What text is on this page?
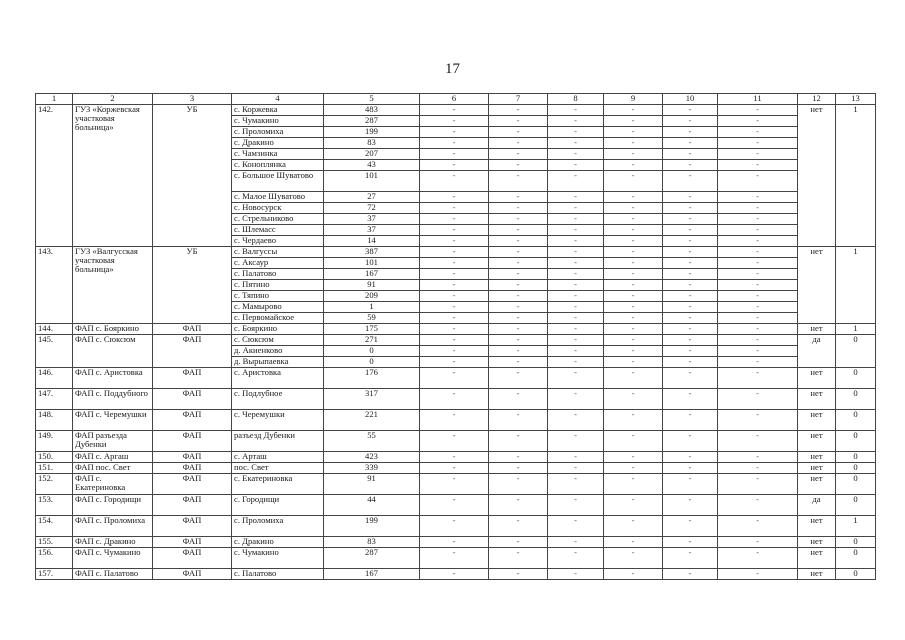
17
1	2	3	4	5	6	7	8	9	10	11	12	13
142.	ГУЗ «Коржевская участковая больница»	УБ	с. Коржевка	483	-	-	-	-	-	-	нет	1
			с. Чумакино	287	-	-	-	-	-	-		
			с. Проломиха	199	-	-	-	-	-	-		
			с. Дракино	83	-	-	-	-	-	-		
			с. Чамзинка	207	-	-	-	-	-	-		
			с. Коноплянка	43	-	-	-	-	-	-		
			с. Большое Шуватово	101	-	-	-	-	-	-		
			с. Малое Шуватово	27	-	-	-	-	-	-		
			с. Новосурск	72	-	-	-	-	-	-		
			с. Стрельниково	37	-	-	-	-	-	-		
			с. Шлемасс	37	-	-	-	-	-	-		
			с. Чердаево	14	-	-	-	-	-	-		
143.	ГУЗ «Валгусская участковая больница»	УБ	с. Валгуссы	387	-	-	-	-	-	-	нет	1
			с. Аксаур	101	-	-	-	-	-	-		
			с. Палатово	167	-	-	-	-	-	-		
			с. Пятино	91	-	-	-	-	-	-		
			с. Тяпино	209	-	-	-	-	-	-		
			с. Мамырово	1	-	-	-	-	-	-		
			с. Первомайское	59	-	-	-	-	-	-		
144.	ФАП с. Бояркино	ФАП	с. Бояркино	175	-	-	-	-	-	-	нет	1
145.	ФАП с. Сюксюм	ФАП	с. Сюксюм	271	-	-	-	-	-	-	да	0
			д. Акиенково	0	-	-	-	-	-	-		
			д. Вырыпаевка	0	-	-	-	-	-	-		
146.	ФАП с. Аристовка	ФАП	с. Аристовка	176	-	-	-	-	-	-	нет	0
147.	ФАП с. Поддубного	ФАП	с. Подлубное	317	-	-	-	-	-	-	нет	0
148.	ФАП с. Черемушки	ФАП	с. Черемушки	221	-	-	-	-	-	-	нет	0
149.	ФАП разъезда Дубенки	ФАП	разъезд Дубенки	55	-	-	-	-	-	-	нет	0
150.	ФАП с. Аргаш	ФАП	с. Арташ	423	-	-	-	-	-	-	нет	0
151.	ФАП пос. Свет	ФАП	пос. Свет	339	-	-	-	-	-	-	нет	0
152.	ФАП с. Екатериновка	ФАП	с. Екатериновка	91	-	-	-	-	-	-	нет	0
153.	ФАП с. Городищи	ФАП	с. Городищи	44	-	-	-	-	-	-	да	0
154.	ФАП с. Проломиха	ФАП	с. Проломиха	199	-	-	-	-	-	-	нет	1
155.	ФАП с. Дракино	ФАП	с. Дракино	83	-	-	-	-	-	-	нет	0
156.	ФАП с. Чумакино	ФАП	с. Чумакино	287	-	-	-	-	-	-	нет	0
157.	ФАП с. Палатово	ФАП	с. Палатово	167	-	-	-	-	-	-	нет	0
